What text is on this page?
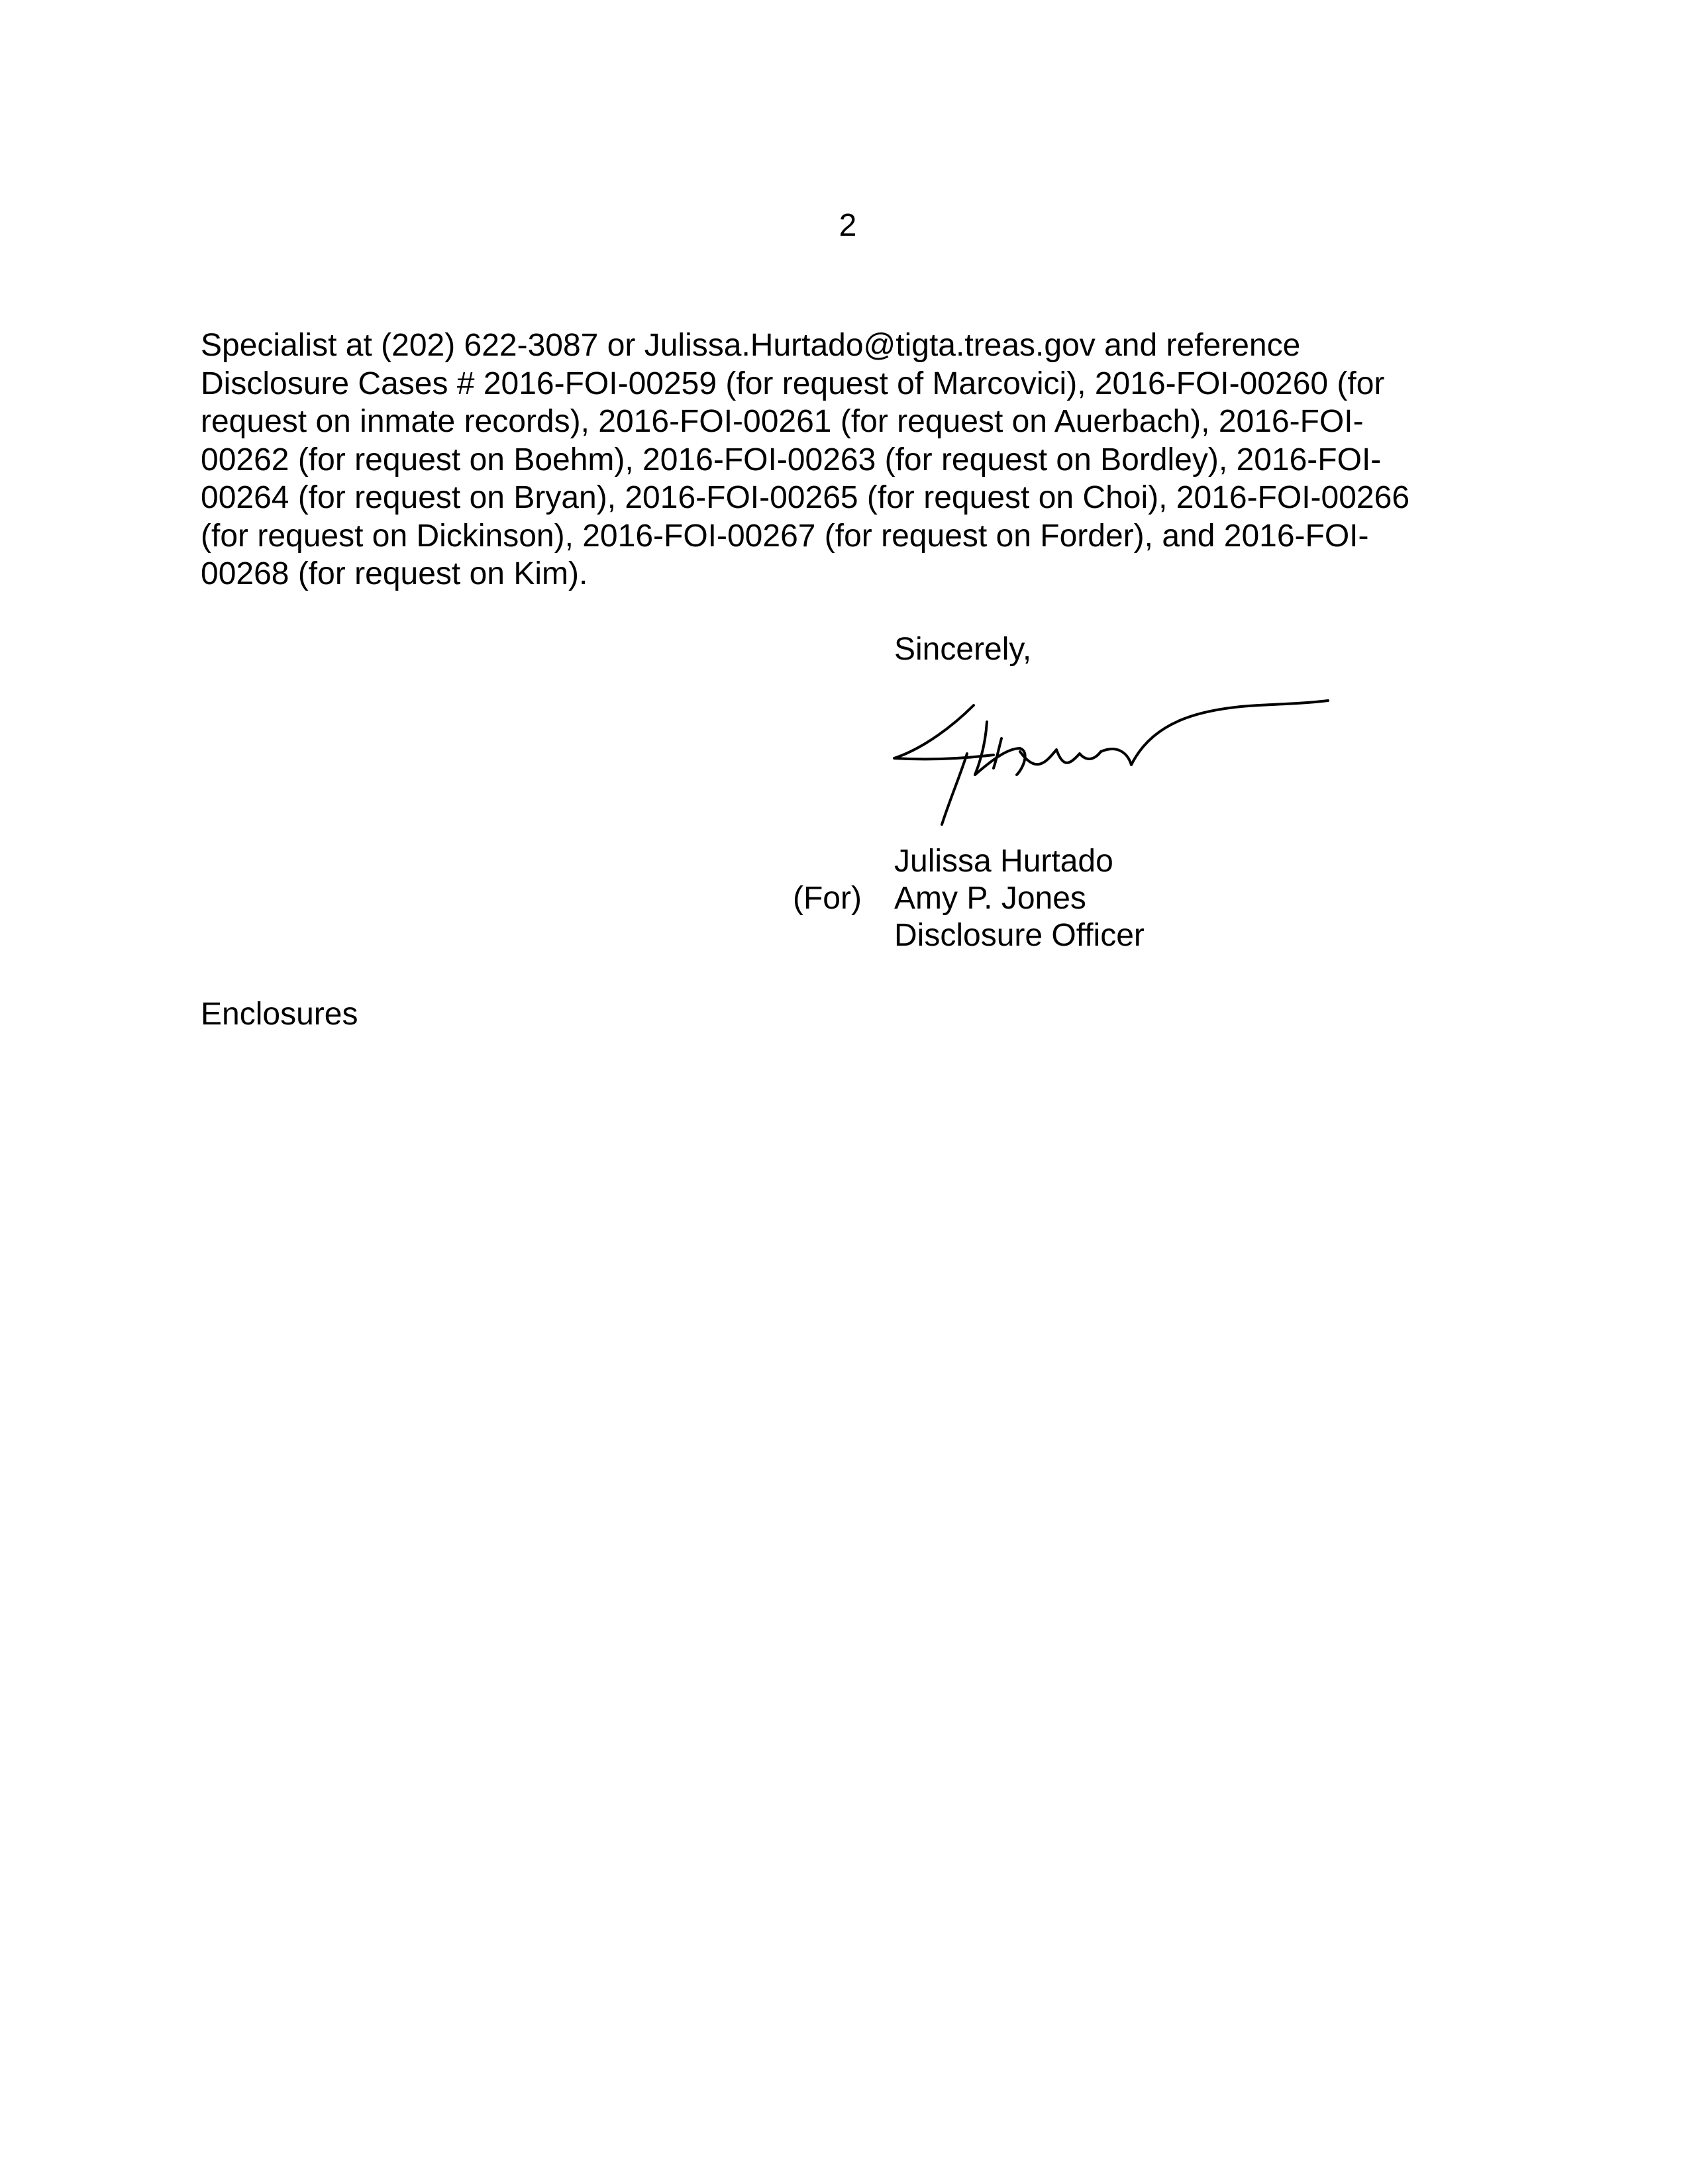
2
Specialist at (202) 622-3087 or Julissa.Hurtado@tigta.treas.gov and reference
Disclosure Cases # 2016-FOI-00259 (for request of Marcovici), 2016-FOI-00260 (for
request on inmate records), 2016-FOI-00261 (for request on Auerbach), 2016-FOI-
00262 (for request on Boehm), 2016-FOI-00263 (for request on Bordley), 2016-FOI-
00264 (for request on Bryan), 2016-FOI-00265 (for request on Choi), 2016-FOI-00266
(for request on Dickinson), 2016-FOI-00267 (for request on Forder), and 2016-FOI-
00268 (for request on Kim).
Sincerely,
Julissa Hurtado
Amy P. Jones
Disclosure Officer
(For)
Enclosures
